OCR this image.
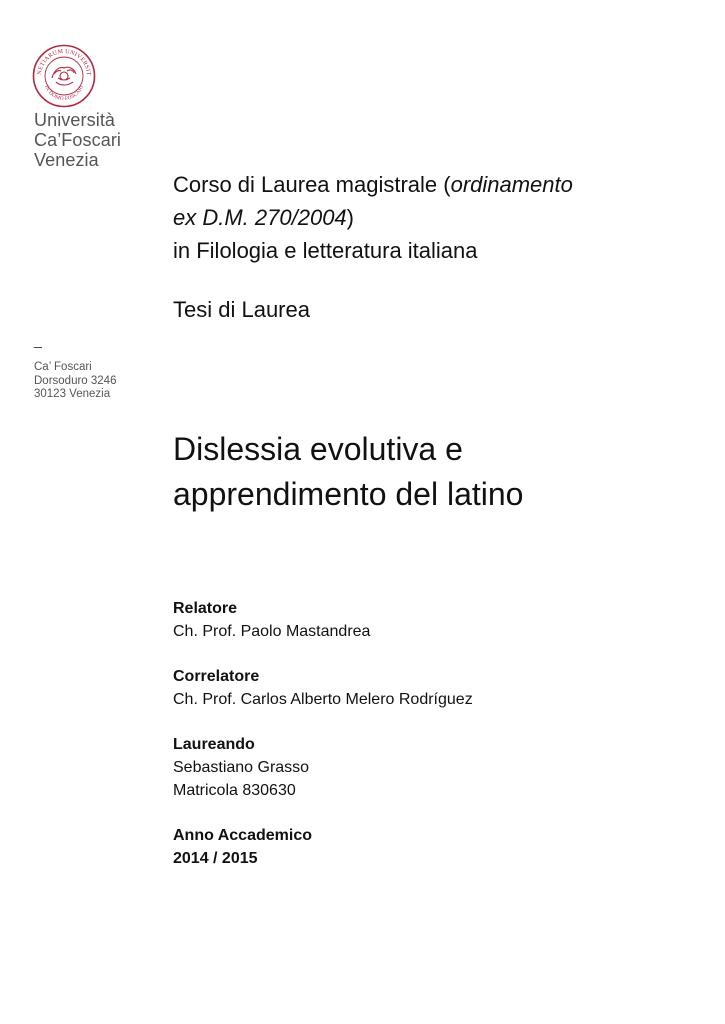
NETIARUM UNIVERSIT
IN DOMO FOSCARI
Università
Ca’Foscari
Venezia
_
Ca’ Foscari
Dorsoduro 3246
30123 Venezia
Corso di Laurea magistrale (ordinamento
ex D.M. 270/2004)
in Filologia e letteratura italiana
Tesi di Laurea
Dislessia evolutiva e
apprendimento del latino
Relatore
Ch. Prof. Paolo Mastandrea
Correlatore
Ch. Prof. Carlos Alberto Melero Rodríguez
Laureando
Sebastiano Grasso
Matricola 830630
Anno Accademico
2014 / 2015
